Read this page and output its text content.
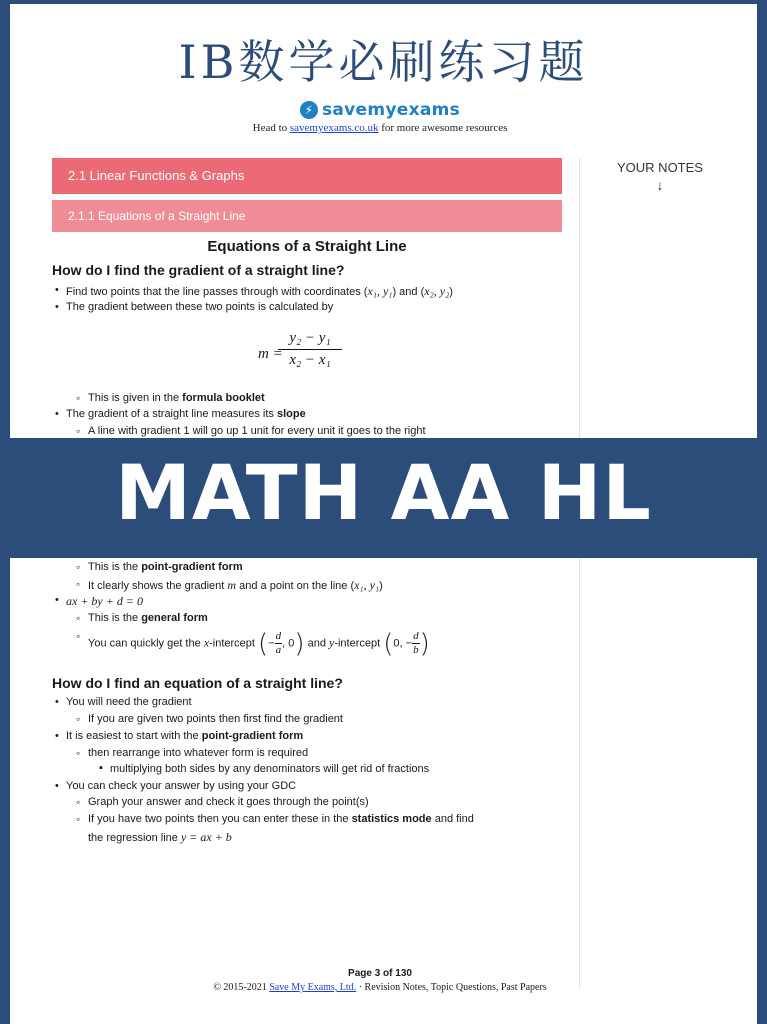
IB数学必刷练习题
⚡ savemyexams
Head to savemyexams.co.uk for more awesome resources
YOUR NOTES
↓
2.1 Linear Functions & Graphs
2.1.1 Equations of a Straight Line
Equations of a Straight Line
How do I find the gradient of a straight line?
• Find two points that the line passes through with coordinates (x₁, y₁) and (x₂, y₂)
• The gradient between these two points is calculated by
m =
$\frac{\text{y₂ − y₁}}{\text{x₂ − x₁}}$
◦ This is given in the formula booklet
• The gradient of a straight line measures its slope
◦ A line with gradient 1 will go up 1 unit for every unit it goes to the right
◦ This is the point-gradient form
◦ It clearly shows the gradient m and a point on the line (x₁, y₁)
• ax + by + d = 0
◦ This is the general form
◦ You can quickly get the x-intercept (− $\frac{d}{a}$ , 0) and y-intercept (0, − $\frac{d}{b}$ )
How do I find an equation of a straight line?
• You will need the gradient
◦ If you are given two points then first find the gradient
• It is easiest to start with the point-gradient form
◦ then rearrange into whatever form is required
▪ multiplying both sides by any denominators will get rid of fractions
• You can check your answer by using your GDC
◦ Graph your answer and check it goes through the point(s)
◦ If you have two points then you can enter these in the statistics mode and find
the regression line y = ax + b
Page 3 of 130
© 2015-2021 Save My Exams, Ltd. · Revision Notes, Topic Questions, Past Papers
MATH AA HL
